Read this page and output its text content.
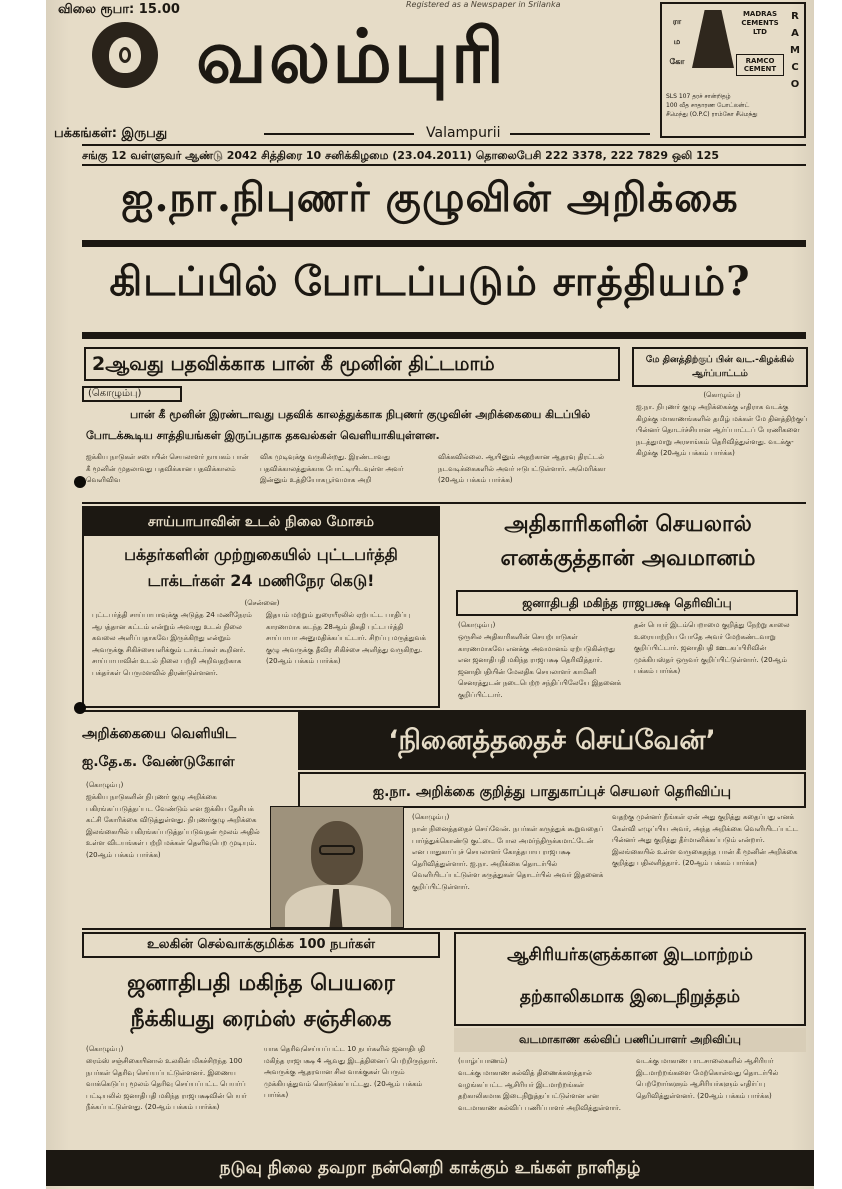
விலை ரூபா: 15.00	Registered as a Newspaper in Srilanka
வலம்புரி
பக்கங்கள்: இருபது	Valampurii
ரா
ம
கோ
MADRAS CEMENTS LTD
RAMCO CEMENT
R
A
M
C
O
SLS 107 தரச் சான்றிதழ்
100 வீத சாதாரண போட்லன்ட்
சீமெந்து (O.P.C) ராம்கோ சீமெந்து
சங்கு 12 வள்ளுவர் ஆண்டு 2042 சித்திரை 10 சனிக்கிழமை (23.04.2011) தொலைபேசி 222 3378, 222 7829 ஒலி 125
ஐ.நா.நிபுணர் குழுவின் அறிக்கை
கிடப்பில் போடப்படும் சாத்தியம்?
2ஆவது பதவிக்காக பான் கீ மூனின் திட்டமாம்	மே தினத்திற்குப் பின் வட.-கிழக்கில் ஆர்ப்பாட்டம்
(கொழும்பு)
பான் கீ மூனின் இரண்டாவது பதவிக் காலத்துக்காக நிபுணர் குழுவின் அறிக்கையை கிடப்பில் போடக்கூடிய சாத்தியங்கள் இருப்பதாக தகவல்கள் வெளியாகியுள்ளன.
ஐக்கிய நாடுகள் சபையின் செயலாளர் நாயகம் பான் கீ மூனின் முதலாவது பதவிக்கான பதவிக்காலம் வெளிவிவ
விக முடிவுக்கு வருகின்றது. இரண்டாவது பதவிக்காலத்துக்காக போட்டியிடவுள்ள அவர் இன்னும் உத்தியோகபூர்வமாக அறி
விக்கவில்லை. ஆயினும் அதற்கான ஆதரவு திரட்டல் நடவடிக்கைகளில் அவர் ஈடுபட்டுள்ளார். அமெரிக்கா (20ஆம் பக்கம் பார்க்க)
(கொழும்பு)
ஐ.நா. நிபுணர் குழு அறிக்கைக்கு எதிராக வடக்கு கிழக்கு மாகாணங்களில் தமிழ் மக்கள் மே தினத்திற்குப் பின்னர் தொடர்ச்சியான ஆர்ப்பாட்டப் பேரணிகளை நடத்துமாறு அரசாங்கம் தெரிவித்துள்ளது. வடக்கு-கிழக்கு (20ஆம் பக்கம் பார்க்க)
சாய்பாபாவின் உடல் நிலை மோசம்
பக்தர்களின் முற்றுகையில் புட்டபர்த்தி
டாக்டர்கள் 24 மணிநேர கெடு!
(சென்னை)
புட்டபர்த்தி சாய்பாபாவுக்கு அடுத்த 24 மணிநேரம் ஆபத்தான கட்டம் என்றும் அவரது உடல் நிலை கவலை அளிப்பதாகவே இருக்கிறது என்றும் அவருக்கு சிகிச்சையளிக்கும் டாக்டர்கள் கூறினர். சாய்பாபாவின் உடல் நிலை பற்றி அறிவதற்காக பக்தர்கள் பெருமளவில் திரண்டுள்ளனர்.
இதயம் மற்றும் நுரையீரலில் ஏற்பட்ட பாதிப்பு காரணமாக கடந்த 28ஆம் திகதி புட்டபர்த்தி சாய்பாபா அனுமதிக்கப்பட்டார். சிறப்பு மருத்துவக் குழு அவருக்கு தீவிர சிகிச்சை அளித்து வருகிறது. (20ஆம் பக்கம் பார்க்க)
அதிகாரிகளின் செயலால்
எனக்குத்தான் அவமானம்
ஜனாதிபதி மகிந்த ராஜபக்ஷ தெரிவிப்பு
(கொழும்பு)
ஒருசில அதிகாரிகளின் செயற்பாடுகள் காரணமாகவே எனக்கு அவமானம் ஏற்படுகின்றது என ஜனாதிபதி மகிந்த ராஜபக்ஷ தெரிவித்தார். ஜனாதிபதியின் மேலதிக செயலாளர் காமினி செனரத்துடன் நடைபெற்ற சந்திப்பிலேயே இதனைக் குறிப்பிட்டார்.
தன் பெயர் இடம்பெறாமை குறித்து நேற்று காலை உரையாற்றிய போதே அவர் மேற்கண்டவாறு குறிப்பிட்டார். ஜனாதிபதி ஊடகப்பிரிவின் முக்கியஸ்தர் ஒருவர் குறிப்பிட்டுள்ளார். (20ஆம் பக்கம் பார்க்க)
அறிக்கையை வெளியிட
ஐ.தே.க. வேண்டுகோள்
(கொழும்பு)
ஐக்கிய நாடுகளின் நிபுணர் குழு அறிக்கை பகிரங்கப்படுத்தப்பட வேண்டும் என ஐக்கிய தேசியக் கட்சி கோரிக்கை விடுத்துள்ளது. நிபுணர்குழு அறிக்கை இலங்கையில் பகிரங்கப்படுத்தப்படுவதன் மூலம் அதில் உள்ள விடயங்கள் பற்றி மக்கள் தெளிவுபெற முடியும். (20ஆம் பக்கம் பார்க்க)
‘நினைத்ததைச் செய்வேன்’
ஐ.நா. அறிக்கை குறித்து பாதுகாப்புச் செயலர் தெரிவிப்பு
(கொழும்பு)
நான் நினைத்ததைச் செய்வேன். நபர்கள் கருத்துக் கூறுவதைப் பார்த்துக்கொண்டு குட்டை போல அமர்ந்திருக்கமாட்டேன் என பாதுகாப்புச் செயலாளர் கோத்தபாய ராஜபக்ஷ தெரிவித்துள்ளார். ஐ.நா. அறிக்கை தொடர்பில் வெளியிடப்பட்டுள்ள கருத்துகள் தொடர்பில் அவர் இதனைக் குறிப்பிட்டுள்ளார்.
வதற்கு முன்னர் நீங்கள் ஏன் அது குறித்து கதைப்பது எனக் கேள்வி எழுப்பிய அவர், அந்த அறிக்கை வெளியிடப்பட்ட பின்னர் அது குறித்து தீர்மானிக்கப்படும் என்றார். இலங்கையில் உள்ள வருகைதந்த பான் கீ மூனின் அறிக்கை குறித்து பதிலளித்தார். (20ஆம் பக்கம் பார்க்க)
உலகின் செல்வாக்குமிக்க 100 நபர்கள்
ஜனாதிபதி மகிந்த பெயரை
நீக்கியது ரைம்ஸ் சஞ்சிகை
(கொழும்பு)
ரைம்ஸ் சஞ்சிகையினால் உலகின் மிகச்சிறந்த 100 நபர்கள் தெரிவு செய்யப்பட்டுள்ளனர். இணைய வாக்கெடுப்பு மூலம் தெரிவு செய்யப்பட்ட பெயர்ப் பட்டியலில் ஜனாதிபதி மகிந்த ராஜபக்ஷவின் பெயர் நீக்கப்பட்டுள்ளது. (20ஆம் பக்கம் பார்க்க)
யாக தெரிவுசெய்யப்பட்ட 10 நபர்களில் ஜனாதிபதி மகிந்த ராஜபக்ஷ 4 ஆவது இடத்தினைப் பெற்றிருந்தார். அவருக்கு ஆதரவான சில வாக்குகள் பெரும் முக்கியத்துவம் கொடுக்கப்பட்டது. (20ஆம் பக்கம் பார்க்க)
ஆசிரியர்களுக்கான இடமாற்றம்
தற்காலிகமாக இடைநிறுத்தம்
வடமாகாண கல்விப் பணிப்பாளர் அறிவிப்பு
(யாழ்ப்பாணம்)
வடக்கு மாகாண கல்வித் திணைக்களத்தால் வழங்கப்பட்ட ஆசிரியர் இடமாற்றங்கள் தற்காலிகமாக இடைநிறுத்தப்பட்டுள்ளன என வடமாகாண கல்விப் பணிப்பாளர் அறிவித்துள்ளார்.
வடக்கு மாகாண பாடசாலைகளில் ஆசிரியர் இடமாற்றங்களை மேற்கொள்வது தொடர்பில் பெற்றோர்களும் ஆசிரியர்களும் எதிர்ப்பு தெரிவித்துள்ளனர். (20ஆம் பக்கம் பார்க்க)
நடுவு நிலை தவறா நன்னெறி காக்கும் உங்கள் நாளிதழ்
